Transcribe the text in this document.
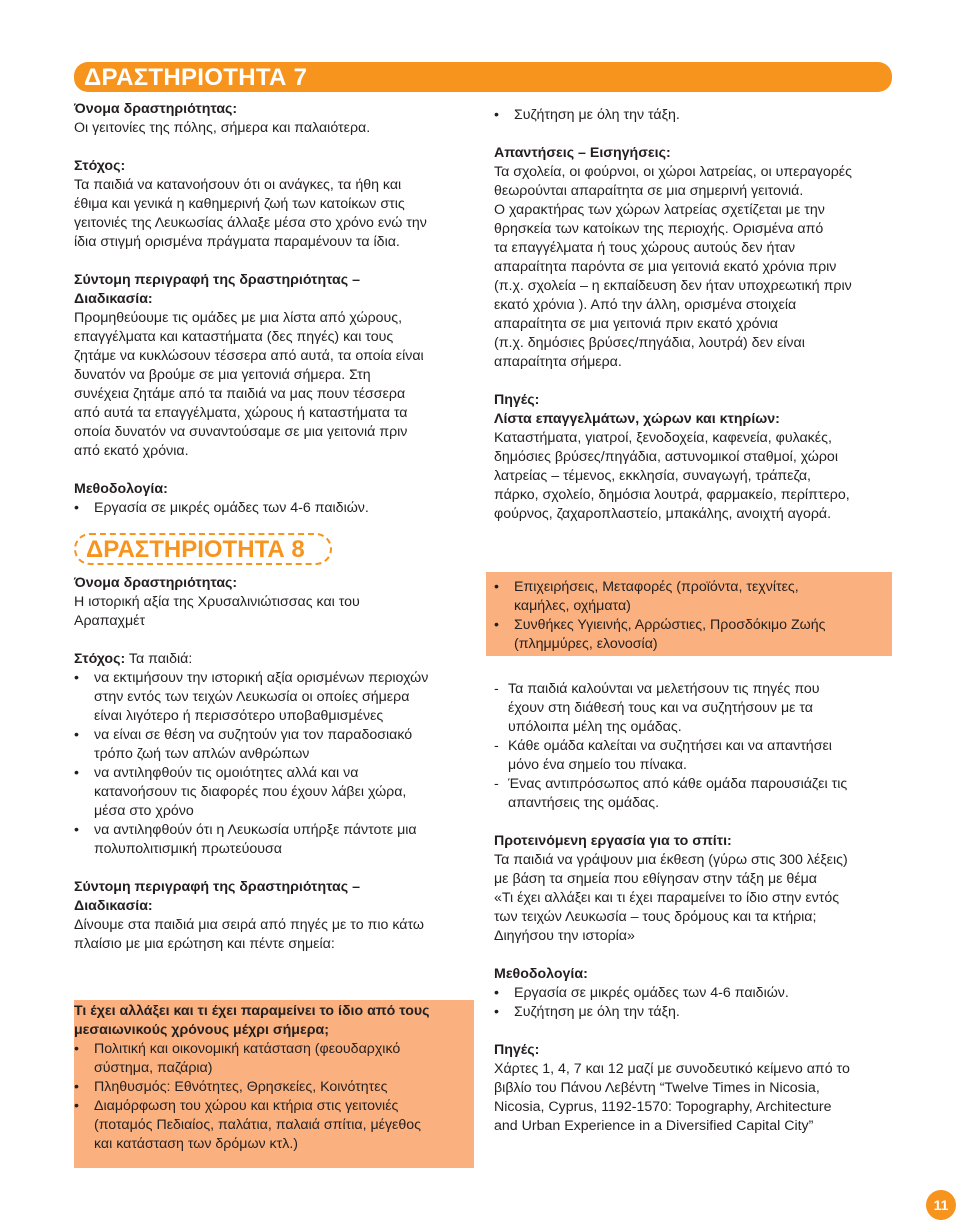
ΔΡΑΣΤΗΡΙΟΤΗΤΑ 7

Όνομα δραστηριότητας:

Οι γειτονίες της πόλης, σήμερα και παλαιότερα.

Στόχος:

Τα παιδιά να κατανοήσουν ότι οι ανάγκες, τα ήθη και

έθιμα και γενικά η καθημερινή ζωή των κατοίκων στις

γειτονιές της Λευκωσίας άλλαξε μέσα στο χρόνο ενώ την

ίδια στιγμή ορισμένα πράγματα παραμένουν τα ίδια.

Σύντομη περιγραφή της δραστηριότητας –

Διαδικασία:

Προμηθεύουμε τις ομάδες με μια λίστα από χώρους,

επαγγέλματα και καταστήματα (δες πηγές) και τους

ζητάμε να κυκλώσουν τέσσερα από αυτά, τα οποία είναι

δυνατόν να βρούμε σε μια γειτονιά σήμερα. Στη

συνέχεια ζητάμε από τα παιδιά να μας πουν τέσσερα

από αυτά τα επαγγέλματα, χώρους ή καταστήματα τα

οποία δυνατόν να συναντούσαμε σε μια γειτονιά πριν

από εκατό χρόνια.

Μεθοδολογία:

• Εργασία σε μικρές ομάδες των 4-6 παιδιών.
• Συζήτηση με όλη την τάξη.

Απαντήσεις – Εισηγήσεις:

Τα σχολεία, οι φούρνοι, οι χώροι λατρείας, οι υπεραγορές

θεωρούνται απαραίτητα σε μια σημερινή γειτονιά.

Ο χαρακτήρας των χώρων λατρείας σχετίζεται με την

θρησκεία των κατοίκων της περιοχής. Ορισμένα από

τα επαγγέλματα ή τους χώρους αυτούς δεν ήταν

απαραίτητα παρόντα σε μια γειτονιά εκατό χρόνια πριν

(π.χ. σχολεία – η εκπαίδευση δεν ήταν υποχρεωτική πριν

εκατό χρόνια ). Από την άλλη, ορισμένα στοιχεία

απαραίτητα σε μια γειτονιά πριν εκατό χρόνια

(π.χ. δημόσιες βρύσες/πηγάδια, λουτρά) δεν είναι

απαραίτητα σήμερα.

Πηγές:

Λίστα επαγγελμάτων, χώρων και κτηρίων:

Καταστήματα, γιατροί, ξενοδοχεία, καφενεία, φυλακές,

δημόσιες βρύσες/πηγάδια, αστυνομικοί σταθμοί, χώροι

λατρείας – τέμενος, εκκλησία, συναγωγή, τράπεζα,

πάρκο, σχολείο, δημόσια λουτρά, φαρμακείο, περίπτερο,

φούρνος, ζαχαροπλαστείο, μπακάλης, ανοιχτή αγορά.

ΔΡΑΣΤΗΡΙΟΤΗΤΑ 8

Όνομα δραστηριότητας:

Η ιστορική αξία της Χρυσαλινιώτισσας και του

Αραπαχμέτ

Στόχος: Τα παιδιά:

• να εκτιμήσουν την ιστορική αξία ορισμένων περιοχών
στην εντός των τειχών Λευκωσία οι οποίες σήμερα
είναι λιγότερο ή περισσότερο υποβαθμισμένες
• να είναι σε θέση να συζητούν για τον παραδοσιακό
τρόπο ζωή των απλών ανθρώπων
• να αντιληφθούν τις ομοιότητες αλλά και να
κατανοήσουν τις διαφορές που έχουν λάβει χώρα,
μέσα στο χρόνο
• να αντιληφθούν ότι η Λευκωσία υπήρξε πάντοτε μια
πολυπολιτισμική πρωτεύουσα

Σύντομη περιγραφή της δραστηριότητας –

Διαδικασία:

Δίνουμε στα παιδιά μια σειρά από πηγές με το πιο κάτω

πλαίσιο με μια ερώτηση και πέντε σημεία:

Τι έχει αλλάξει και τι έχει παραμείνει το ίδιο από τους

μεσαιωνικούς χρόνους μέχρι σήμερα;

• Πολιτική και οικονομική κατάσταση (φεουδαρχικό
σύστημα, παζάρια)
• Πληθυσμός: Εθνότητες, Θρησκείες, Κοινότητες
• Διαμόρφωση του χώρου και κτήρια στις γειτονιές
(ποταμός Πεδιαίος, παλάτια, παλαιά σπίτια, μέγεθος
και κατάσταση των δρόμων κτλ.)
• Επιχειρήσεις, Μεταφορές (προϊόντα, τεχνίτες,
καμήλες, οχήματα)
• Συνθήκες Υγιεινής, Αρρώστιες, Προσδόκιμο Ζωής
(πλημμύρες, ελονοσία)
- Τα παιδιά καλούνται να μελετήσουν τις πηγές που
έχουν στη διάθεσή τους και να συζητήσουν με τα
υπόλοιπα μέλη της ομάδας.
- Κάθε ομάδα καλείται να συζητήσει και να απαντήσει
μόνο ένα σημείο του πίνακα.
- Ένας αντιπρόσωπος από κάθε ομάδα παρουσιάζει τις
απαντήσεις της ομάδας.

Προτεινόμενη εργασία για το σπίτι:

Τα παιδιά να γράψουν μια έκθεση (γύρω στις 300 λέξεις)

με βάση τα σημεία που εθίγησαν στην τάξη με θέμα

«Τι έχει αλλάξει και τι έχει παραμείνει το ίδιο στην εντός

των τειχών Λευκωσία – τους δρόμους και τα κτήρια;

Διηγήσου την ιστορία»

Μεθοδολογία:

• Εργασία σε μικρές ομάδες των 4-6 παιδιών.
• Συζήτηση με όλη την τάξη.

Πηγές:

Χάρτες 1, 4, 7 και 12 μαζί με συνοδευτικό κείμενο από το

βιβλίο του Πάνου Λεβέντη “Twelve Times in Nicosia,

Nicosia, Cyprus, 1192-1570: Topography, Architecture

and Urban Experience in a Diversified Capital City”

11
